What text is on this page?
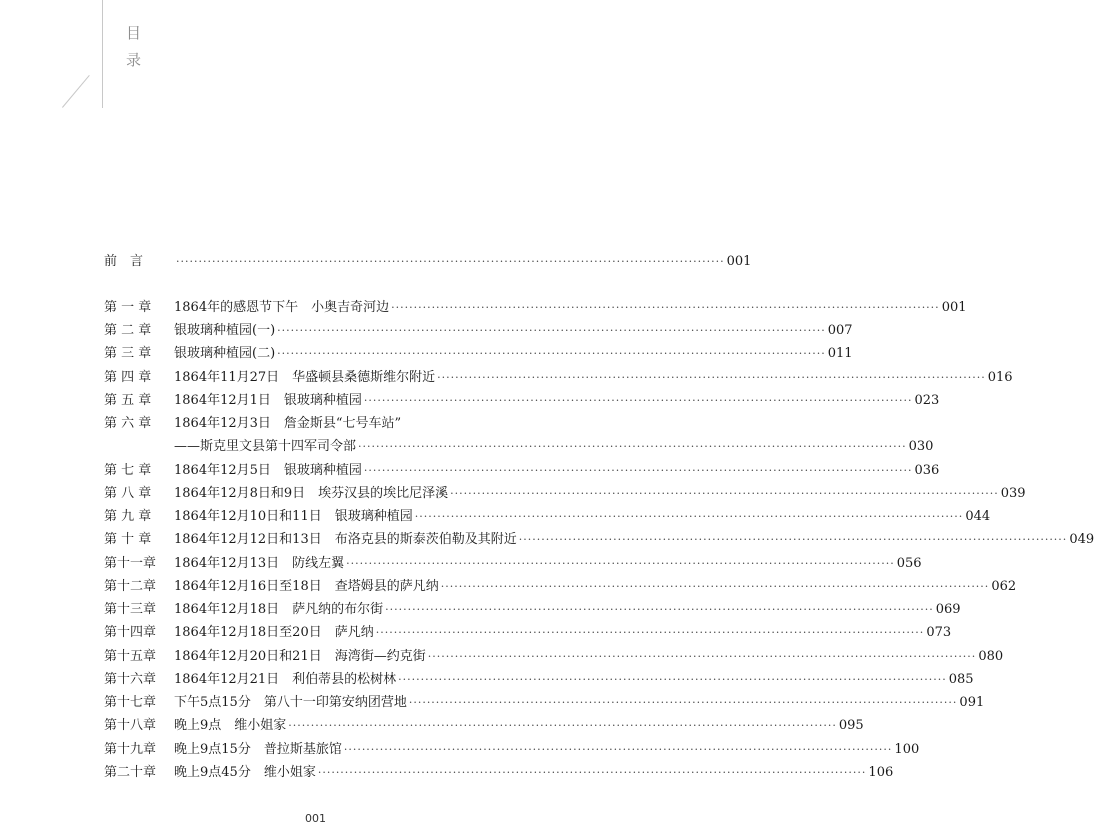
目
录
前　言	·························································································································· 001
第 一 章	1864年的感恩节下午　小奥吉奇河边 ·························································································································· 001
第 二 章	银玻璃种植园(一) ·························································································································· 007
第 三 章	银玻璃种植园(二) ·························································································································· 011
第 四 章	1864年11月27日　华盛顿县桑德斯维尔附近 ·························································································································· 016
第 五 章	1864年12月1日　银玻璃种植园 ·························································································································· 023
第 六 章	1864年12月3日　詹金斯县“七号车站”
——斯克里文县第十四军司令部 ·························································································································· 030
第 七 章	1864年12月5日　银玻璃种植园 ·························································································································· 036
第 八 章	1864年12月8日和9日　埃芬汉县的埃比尼泽溪 ·························································································································· 039
第 九 章	1864年12月10日和11日　银玻璃种植园 ·························································································································· 044
第 十 章	1864年12月12日和13日　布洛克县的斯泰茨伯勒及其附近 ·························································································································· 049
第十一章	1864年12月13日　防线左翼 ·························································································································· 056
第十二章	1864年12月16日至18日　查塔姆县的萨凡纳 ·························································································································· 062
第十三章	1864年12月18日　萨凡纳的布尔街 ·························································································································· 069
第十四章	1864年12月18日至20日　萨凡纳 ·························································································································· 073
第十五章	1864年12月20日和21日　海湾街—约克街 ·························································································································· 080
第十六章	1864年12月21日　利伯蒂县的松树林 ·························································································································· 085
第十七章	下午5点15分　第八十一印第安纳团营地 ·························································································································· 091
第十八章	晚上9点　维小姐家 ·························································································································· 095
第十九章	晚上9点15分　普拉斯基旅馆 ·························································································································· 100
第二十章	晚上9点45分　维小姐家 ·························································································································· 106
001
